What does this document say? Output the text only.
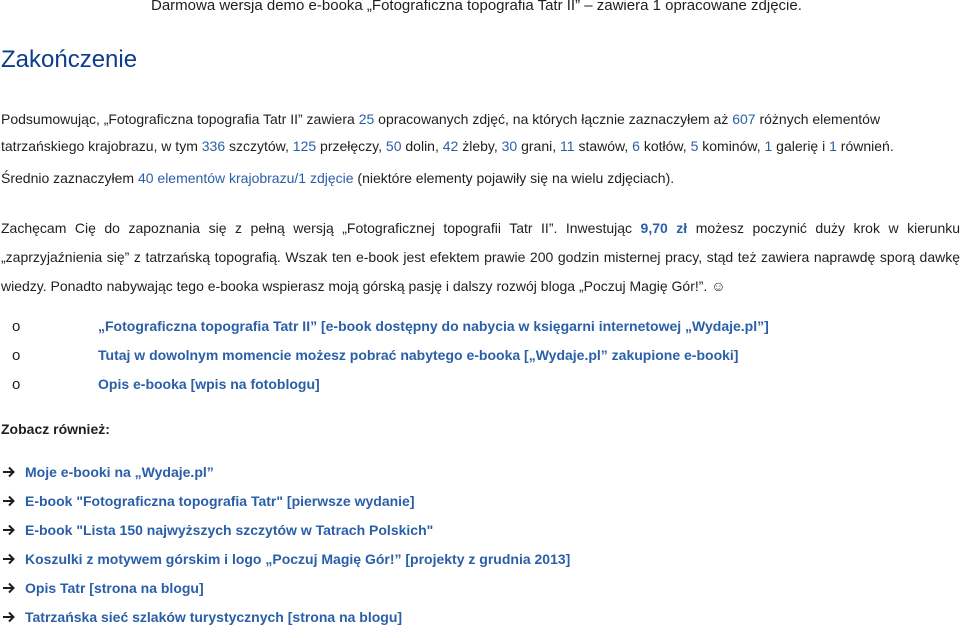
Darmowa wersja demo e-booka „Fotograficzna topografia Tatr II” – zawiera 1 opracowane zdjęcie.
Zakończenie

Podsumowując, „Fotograficzna topografia Tatr II” zawiera 25 opracowanych zdjęć, na których łącznie zaznaczyłem aż 607 różnych elementów tatrzańskiego krajobrazu, w tym 336 szczytów, 125 przełęczy, 50 dolin, 42 żleby, 30 grani, 11 stawów, 6 kotłów, 5 kominów, 1 galerię i 1 równień.

Średnio zaznaczyłem 40 elementów krajobrazu/1 zdjęcie (niektóre elementy pojawiły się na wielu zdjęciach).

Zachęcam Cię do zapoznania się z pełną wersją „Fotograficznej topografii Tatr II”. Inwestując 9,70 zł możesz poczynić duży krok w kierunku „zaprzyjaźnienia się” z tatrzańską topografią. Wszak ten e-book jest efektem prawie 200 godzin misternej pracy, stąd też zawiera naprawdę sporą dawkę wiedzy. Ponadto nabywając tego e-booka wspierasz moją górską pasję i dalszy rozwój bloga „Poczuj Magię Gór!”. ☺

o	„Fotograficzna topografia Tatr II” [e-book dostępny do nabycia w księgarni internetowej „Wydaje.pl”]
o	Tutaj w dowolnym momencie możesz pobrać nabytego e-booka [„Wydaje.pl” zakupione e-booki]
o	Opis e-booka [wpis na fotoblogu]
Zobacz również:
Moje e-booki na „Wydaje.pl”
E-book "Fotograficzna topografia Tatr" [pierwsze wydanie]
E-book "Lista 150 najwyższych szczytów w Tatrach Polskich"
Koszulki z motywem górskim i logo „Poczuj Magię Gór!” [projekty z grudnia 2013]
Opis Tatr [strona na blogu]
Tatrzańska sieć szlaków turystycznych [strona na blogu]
